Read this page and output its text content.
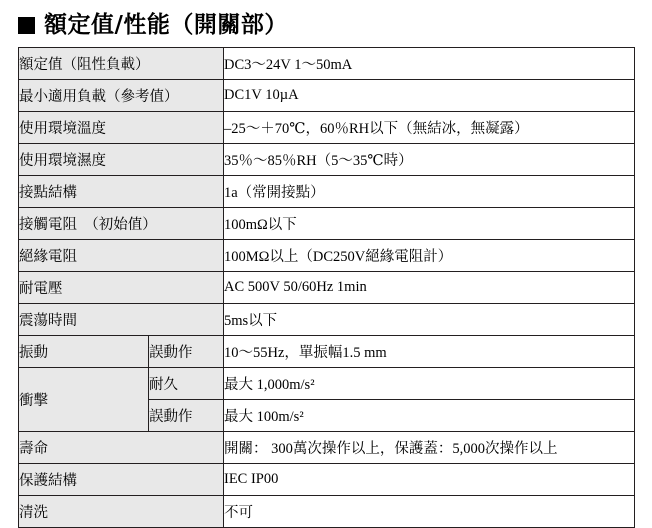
額定值/性能（開關部）
額定值（阻性負載）		DC3～24V 1～50mA
最小適用負載（參考值）		DC1V 10µA
使用環境溫度		–25～＋70℃，60％RH以下（無結冰，無凝露）
使用環境濕度		35％～85％RH（5～35℃時）
接點結構		1a（常開接點）
接觸電阻　（初始值）		100mΩ以下
絕緣電阻		100MΩ以上（DC250V絕緣電阻計）
耐電壓		AC 500V 50/60Hz 1min
震蕩時間		5ms以下
振動	誤動作	10～55Hz，單振幅1.5 mm
衝擊	耐久	最大 1,000m/s²
	誤動作	最大 100m/s²
壽命		開關： 300萬次操作以上，保護蓋：5,000次操作以上
保護結構		IEC IP00
清洗		不可
